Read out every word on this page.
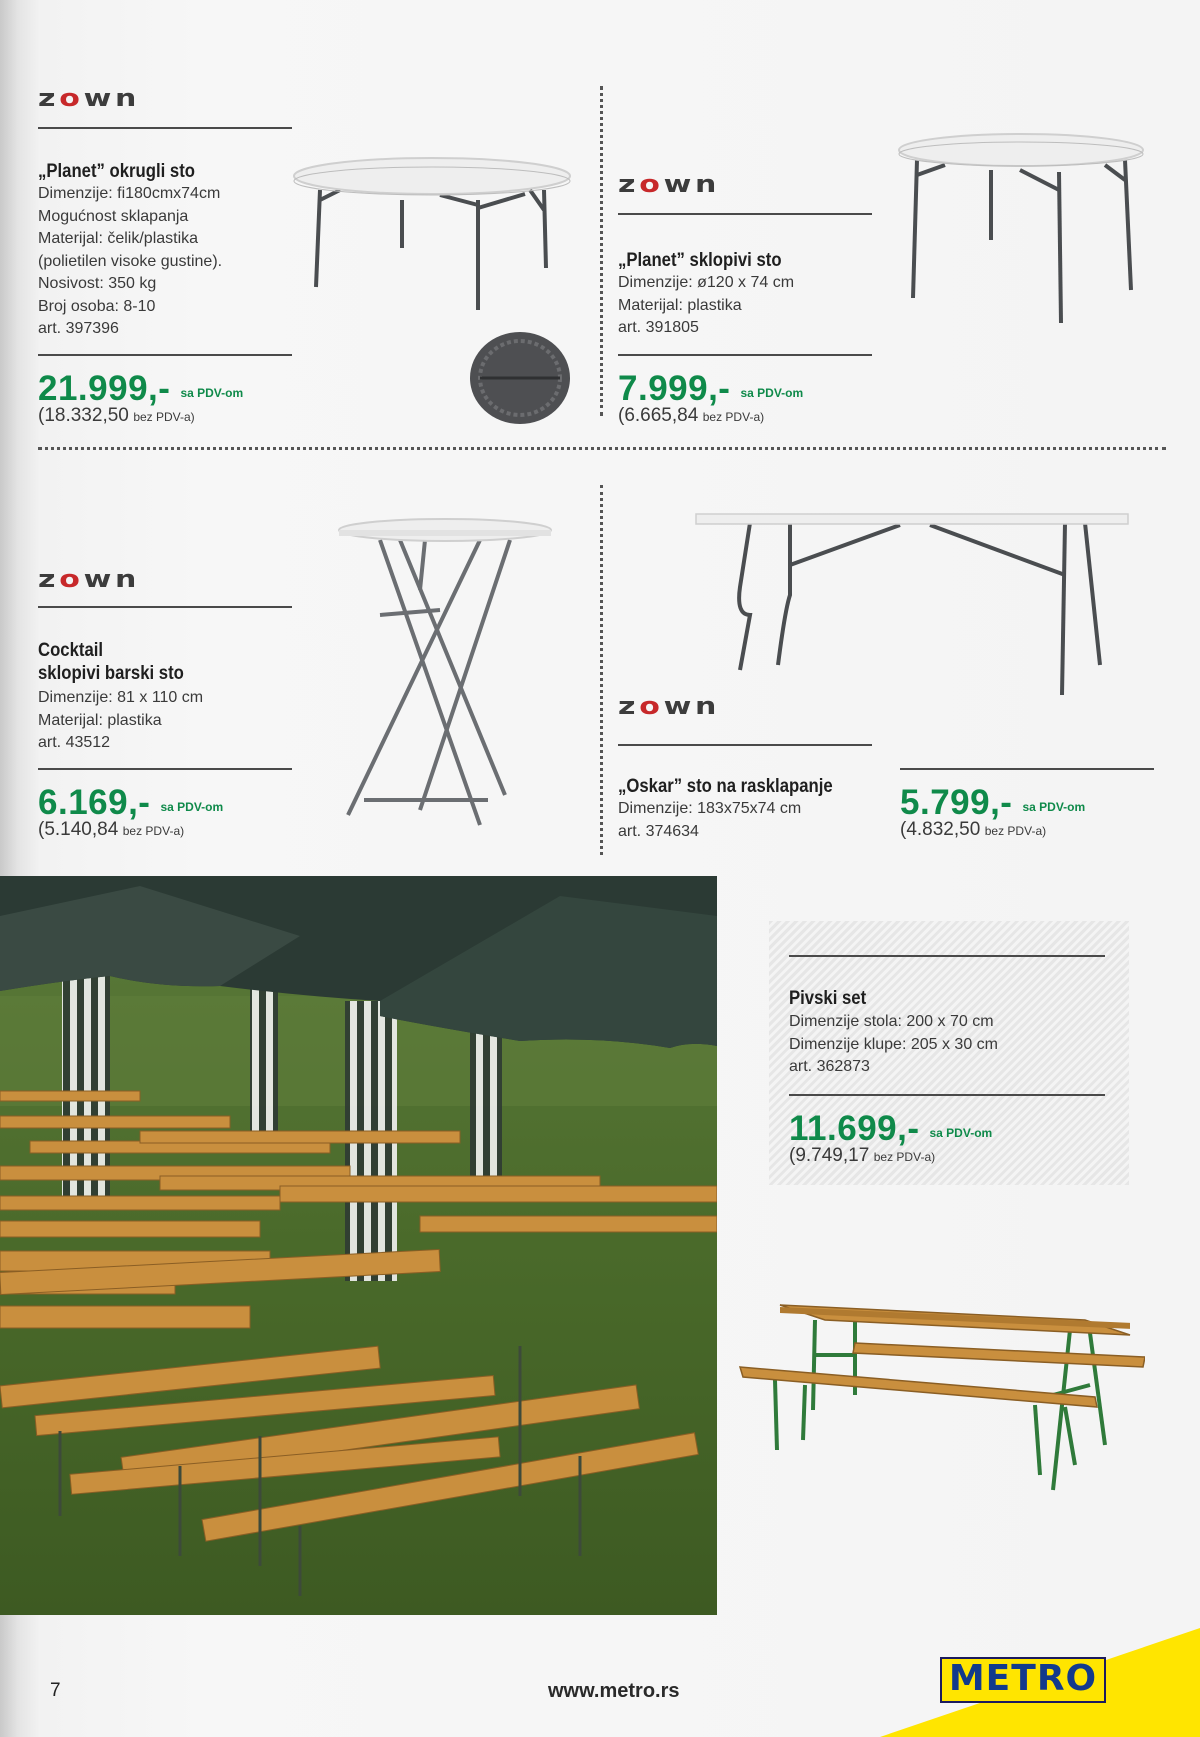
zown
„Planet” okrugli sto
Dimenzije: fi180cmx74cm
Mogućnost sklapanja
Materijal: čelik/plastika
(polietilen visoke gustine).
Nosivost: 350 kg
Broj osoba: 8-10
art. 397396
21.999,- sa PDV-om
(18.332,50 bez PDV-a)
zown
„Planet” sklopivi sto
Dimenzije: ø120 x 74 cm
Materijal: plastika
art. 391805
7.999,- sa PDV-om
(6.665,84 bez PDV-a)
zown
Cocktail
sklopivi barski sto
Dimenzije: 81 x 110 cm
Materijal: plastika
art. 43512
6.169,- sa PDV-om
(5.140,84 bez PDV-a)
zown
„Oskar” sto na rasklapanje
Dimenzije: 183x75x74 cm
art. 374634
5.799,- sa PDV-om
(4.832,50 bez PDV-a)
Pivski set
Dimenzije stola: 200 x 70 cm
Dimenzije klupe: 205 x 30 cm
art. 362873
11.699,- sa PDV-om
(9.749,17 bez PDV-a)
7	www.metro.rs	METRO
